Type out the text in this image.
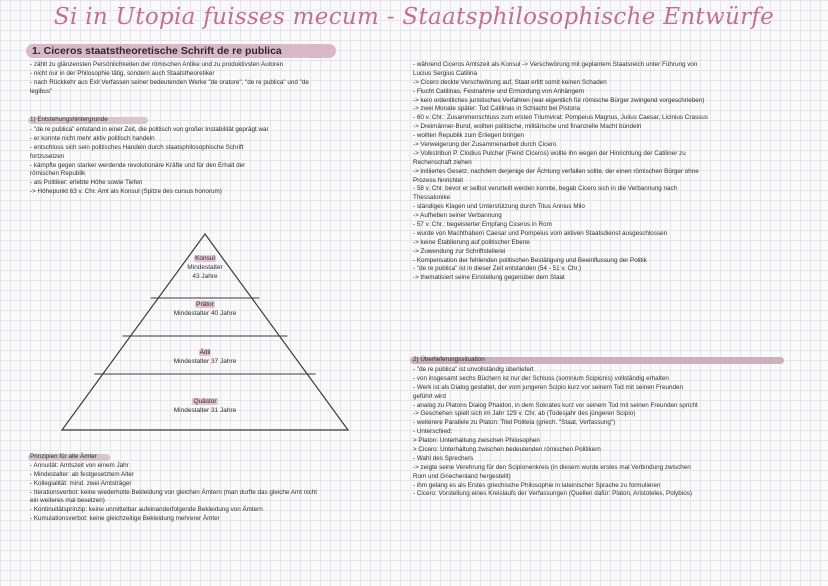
Si in Utopia fuisses mecum - Staatsphilosophische Entwürfe
1. Ciceros staatstheoretische Schrift de re publica
- zählt zu glänzensten Persönlichkeiten der römischen Antike und zu produktivsten Autoren
- nicht nur in der Philosophie tätig, sondern auch Staatstheoretiker
- nach Rückkehr aus Exil Verfassen seiner bedeutenden Werke "de oratore", "de re publica" und "de
legibus"
1) Entstehungshintergrunde
- "de re publica" entstand in einer Zeit, die politisch von großer Instabilität geprägt war
- er konnte nicht mehr aktiv politisch handeln
- entschloss sich sein politisches Handeln durch staatsphilosophische Schrift
fortzusetzen
- kämpfte gegen starker werdende revolutionäre Kräfte und für den Erhalt der
römischen Republik
- als Politiker: erlebte Höhe sowie Tiefen
-> Höhepunkt 63 v. Chr. Amt als Konsul (Spitze des cursus honorum)
Konsul
Mindestalter
43 Jahre
Prätor
Mindestalter 40 Jahre
Ädil
Mindestalter 37 Jahre
Quästor
Mindestalter 31 Jahre
Prinzipien für alle Ämter
- Annuität: Amtszeit von einem Jahr
- Mindestalter: ab festgesetztem Alter
- Kollegialität: mind. zwei Amtsträger
- Iterationsverbot: keine wiederholte Bekleidung von gleichen Ämtern (man durfte das gleiche Amt nicht
ein weiteres mal besetzen)
- Kontinuitätsprinzip: keine unmittelbar aufeinanderfolgende Bekleidung von Ämtern
- Kumulationsverbot: keine gleichzeitige Bekleidung mehrerer Ämter
- während Ciceros Amtszeit als Konsul -> Verschwörung mit geplantem Staatsreich unter Führung von
Lucius Sergius Catilina
-> Cicero deckte Verschwörung auf, Staat erlitt somit keinen Schaden
- Flucht Catilinas, Festnahme und Ermordung von Anhängern
-> kein ordentliches juristisches Verfahren (war eigentlich für römische Bürger zwingend vorgeschrieben)
-> zwei Monate später: Tod Catilinas in Schlacht bei Pistoria
- 60 v. Chr.: Zusammenschluss zum ersten Triumvirat: Pompeius Magnus, Julius Caesar, Licinius Crassus
-> Dreimänner-Bund, wollten politische, militärische und finanzielle Macht bündeln
- wollten Republik zum Erliegen bringen
-> Verweigerung der Zusammenarbeit durch Cicero
-> Volkstribun P. Clodius Pulcher (Feind Ciceros) wollte ihn wegen der Hinrichtung der Catiliner zu
Rechenschaft ziehen
-> initiiertes Gesetz, nachdem derjenige der Ächtung verfallen sollte, der einen römischen Bürger ohne
Prozess hinrichtet
- 58 v. Chr. bevor er selbst verurteilt werden konnte, begab Cicero sich in die Verbannung nach
Thessalonike
- ständiges Klagen und Unterstützung durch Titus Annius Milo
-> Aufheben seiner Verbannung
- 57 v. Chr.: begeisterter Empfang Ciceros in Rom
- wurde von Machthabern Caesar und Pompeius vom aktiven Staatsdienst ausgeschlossen
-> keine Etablierung auf politischer Ebene
-> Zuwendung zur Schriftstellerei
- Kompensation der fehlenden politischen Bestätigung und Beeinflussung der Politik
- "de re publica" ist in dieser Zeit entstanden (54 - 51 v. Chr.)
-> thematisiert seine Einstellung gegenüber dem Staat
2) Überlieferungssituation
- "de re publica" ist unvollständig überliefert
- von insgesamt sechs Büchern ist nur der Schluss (somnium Scipionis) vollständig erhalten
- Werk ist als Dialog gestaltet, der vom jungeren Scipio kurz vor seinem Tod mit seinen Freunden
geführt wird
- analog zu Platons Dialog Phaidon, in dem Sokrates kurz vor seinem Tod mit seinen Freunden spricht
-> Geschehen spielt sich im Jahr 129 v. Chr. ab (Todesjahr des jüngeren Scipio)
- weiterere Parallele zu Platon: Titel Politeia (griech. "Staat, Verfassung")
- Unterschied:
> Platon: Unterhaltung zwischen Philosophen
> Cicero: Unterhaltung zwischen bedeutenden römischen Politikern
- Wahl des Sprechers
-> zeigte seine Verehrung für den Scipionenkreis (in diesem wurde erstes mal Verbindung zwischen
Rom und Griechenland hergestellt)
- ihm gelang es als Erstes griechische Philosophie in lateinischer Sprache zu formulieren
- Cicero: Vorstellung eines Kreislaufs der Verfassungen (Quellen dafür: Platon, Aristoteles, Polybios)
